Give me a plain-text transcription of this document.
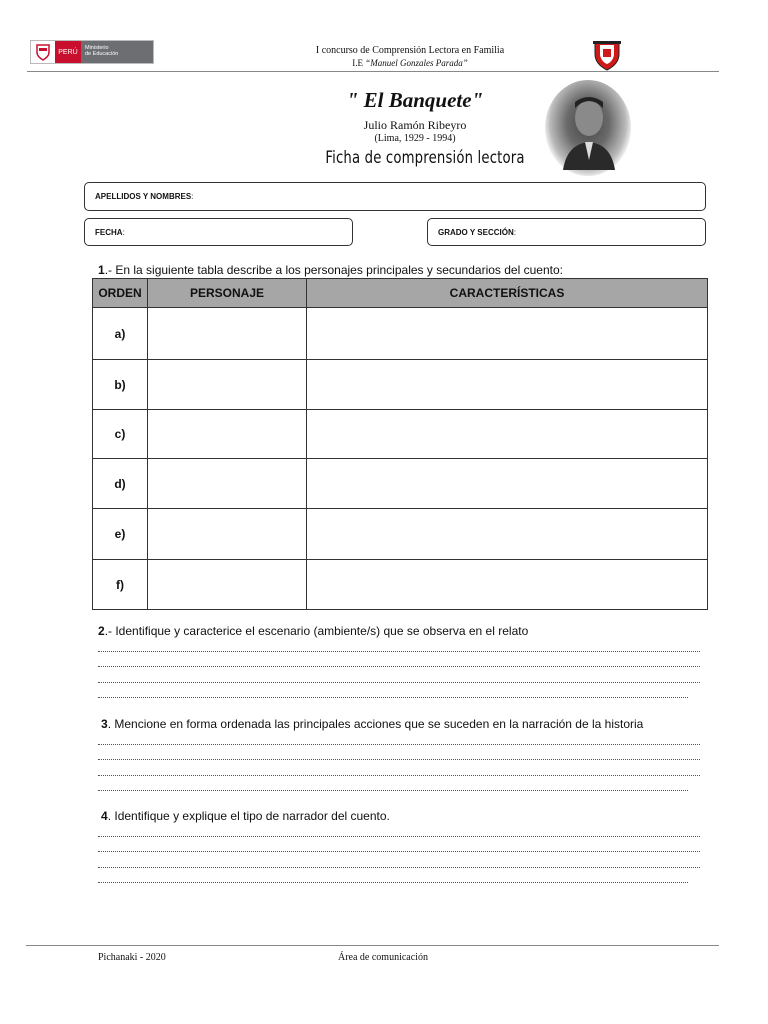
PERÚ
Ministerio
de Educación	I concurso de Comprensión Lectora en Familia
I.E “Manuel Gonzales Parada”
" El Banquete"
Julio Ramón Ribeyro
(Lima, 1929 - 1994)
Ficha de comprensión lectora
APELLIDOS Y NOMBRES:
FECHA:	GRADO Y SECCIÓN:
1.- En la siguiente tabla describe a los personajes principales y secundarios del cuento:
ORDEN	PERSONAJE	CARACTERÍSTICAS
a)		
b)		
c)		
d)		
e)		
f)		
2.- Identifique y caracterice el escenario (ambiente/s) que se observa en el relato
3. Mencione en forma ordenada las principales acciones que se suceden en la narración de la historia
4. Identifique y explique el tipo de narrador del cuento.
Pichanaki - 2020	Área de comunicación
